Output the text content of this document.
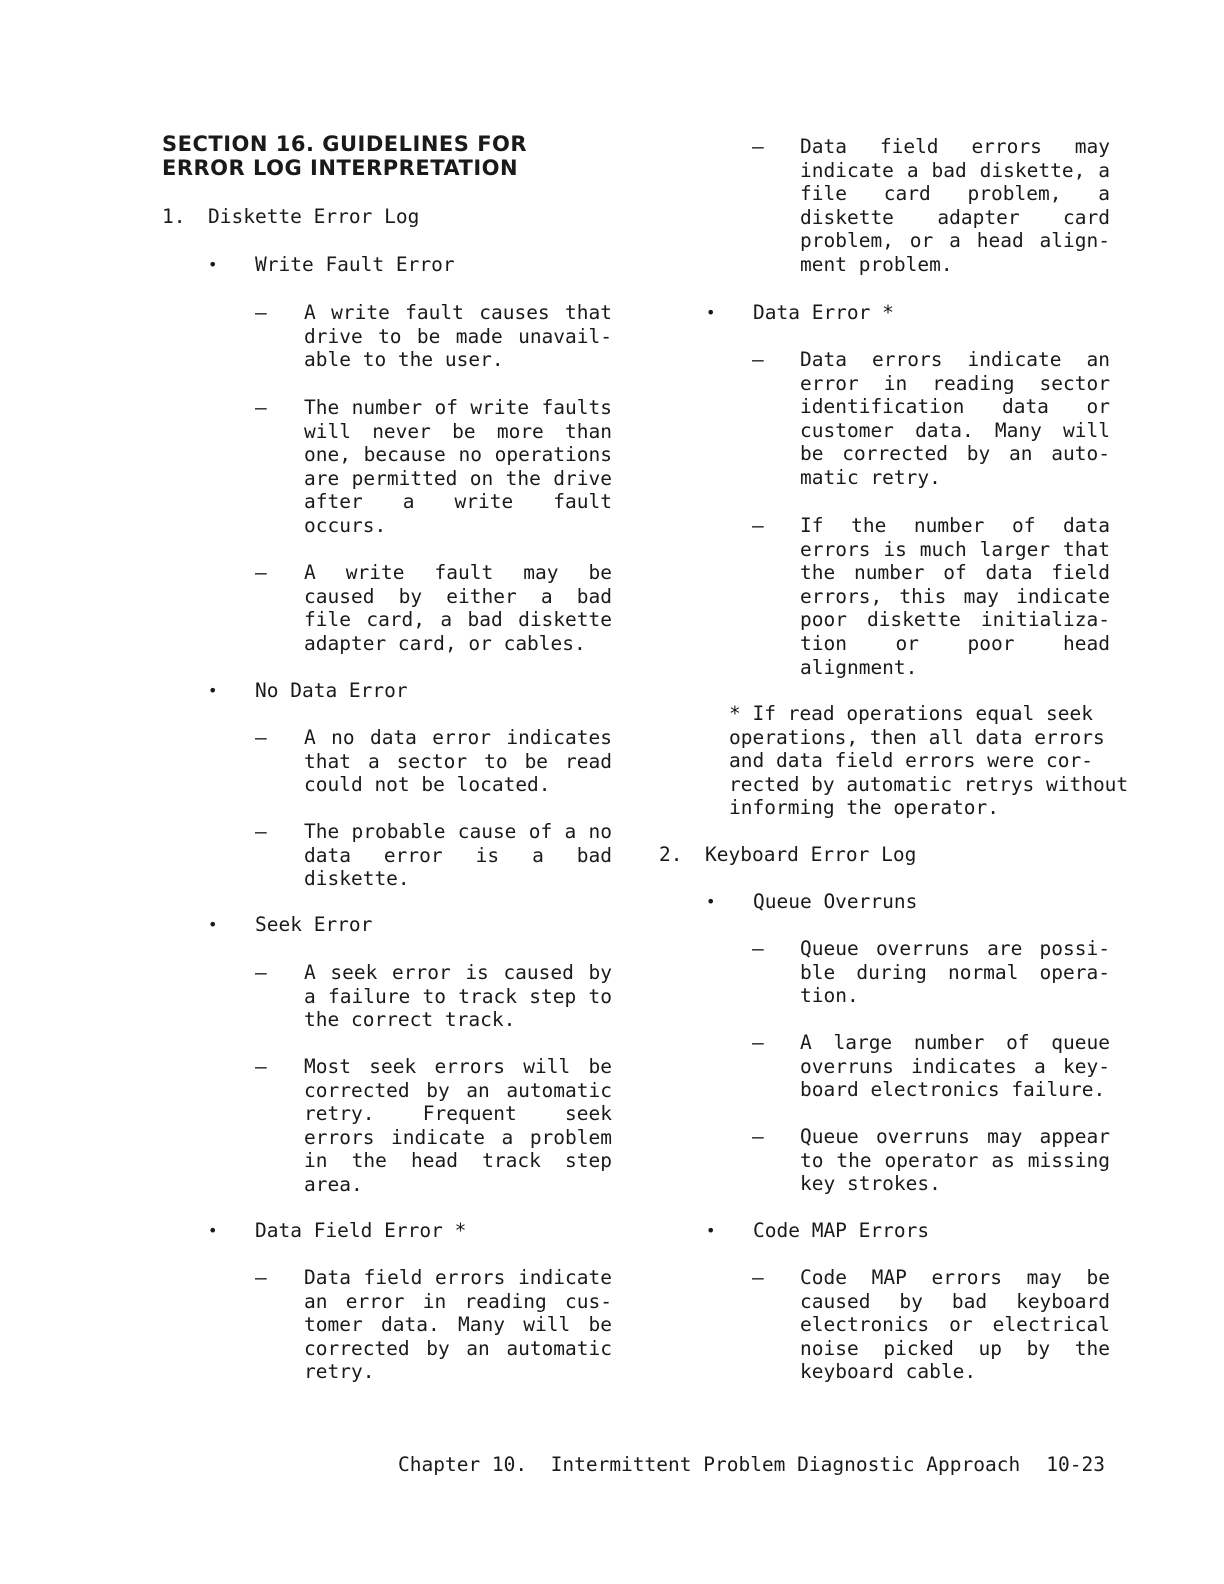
SECTION 16. GUIDELINES FOR
ERROR LOG INTERPRETATION
1. Diskette Error Log
• Write Fault Error
– A write fault causes that drive to be made unavail-able to the user.
– The number of write faults will never be more than one, because no operations are permitted on the drive after a write fault occurs.
– A write fault may be caused by either a bad file card, a bad diskette adapter card, or cables.
• No Data Error
– A no data error indicates that a sector to be read could not be located.
– The probable cause of a no data error is a bad diskette.
• Seek Error
– A seek error is caused by a failure to track step to the correct track.
– Most seek errors will be corrected by an automatic retry. Frequent seek errors indicate a problem in the head track step area.
• Data Field Error *
– Data field errors indicate an error in reading cus-tomer data. Many will be corrected by an automatic retry.
– Data field errors may indicate a bad diskette, a file card problem, a diskette adapter card problem, or a head align-ment problem.
• Data Error *
– Data errors indicate an error in reading sector identification data or customer data. Many will be corrected by an auto-matic retry.
– If the number of data errors is much larger that the number of data field errors, this may indicate poor diskette initializa-tion or poor head alignment.
* If read operations equal seek
operations, then all data errors
and data field errors were cor-
rected by automatic retrys without
informing the operator.
2. Keyboard Error Log
• Queue Overruns
– Queue overruns are possi-ble during normal opera-tion.
– A large number of queue overruns indicates a key-board electronics failure.
– Queue overruns may appear to the operator as missing key strokes.
• Code MAP Errors
– Code MAP errors may be caused by bad keyboard electronics or electrical noise picked up by the keyboard cable.
Chapter 10.  Intermittent Problem Diagnostic Approach 10-23
